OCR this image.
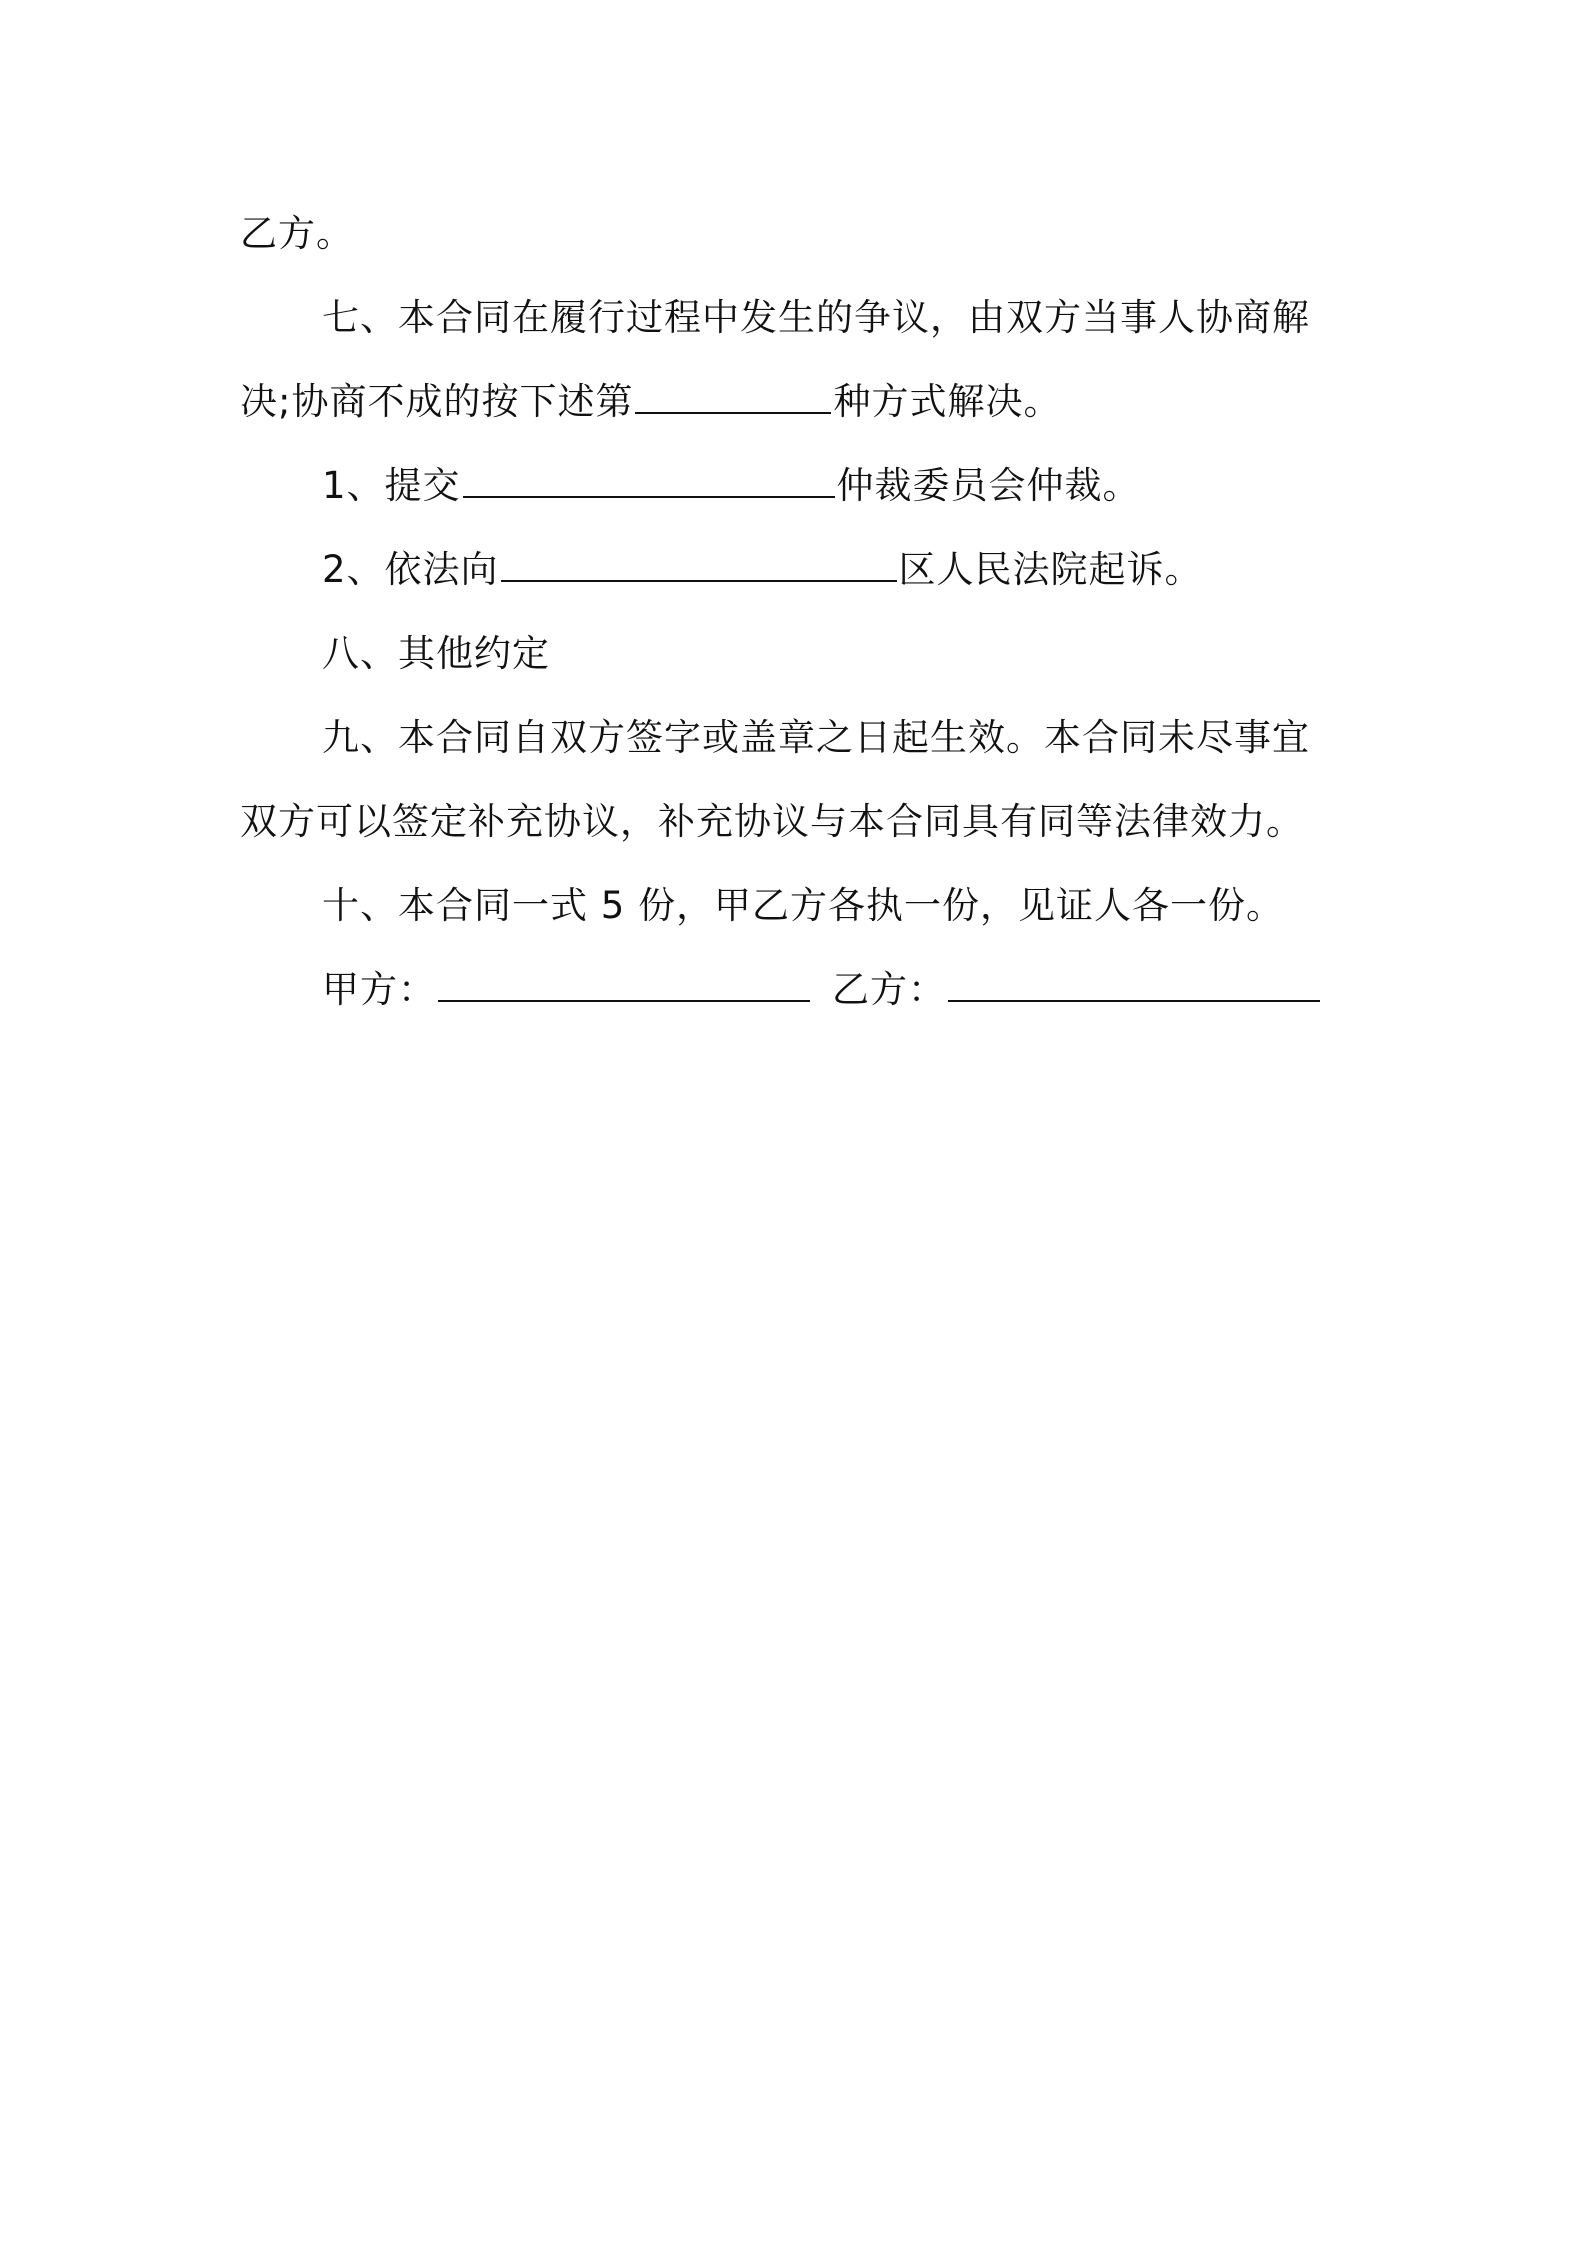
乙方。

七、本合同在履行过程中发生的争议，由双方当事人协商解

决;协商不成的按下述第	种方式解决。

1、提交	仲裁委员会仲裁。

2、依法向	区人民法院起诉。

八、其他约定

九、本合同自双方签字或盖章之日起生效。本合同未尽事宜

双方可以签定补充协议，补充协议与本合同具有同等法律效力。

十、本合同一式 5 份，甲乙方各执一份，见证人各一份。

甲方：	乙方：
